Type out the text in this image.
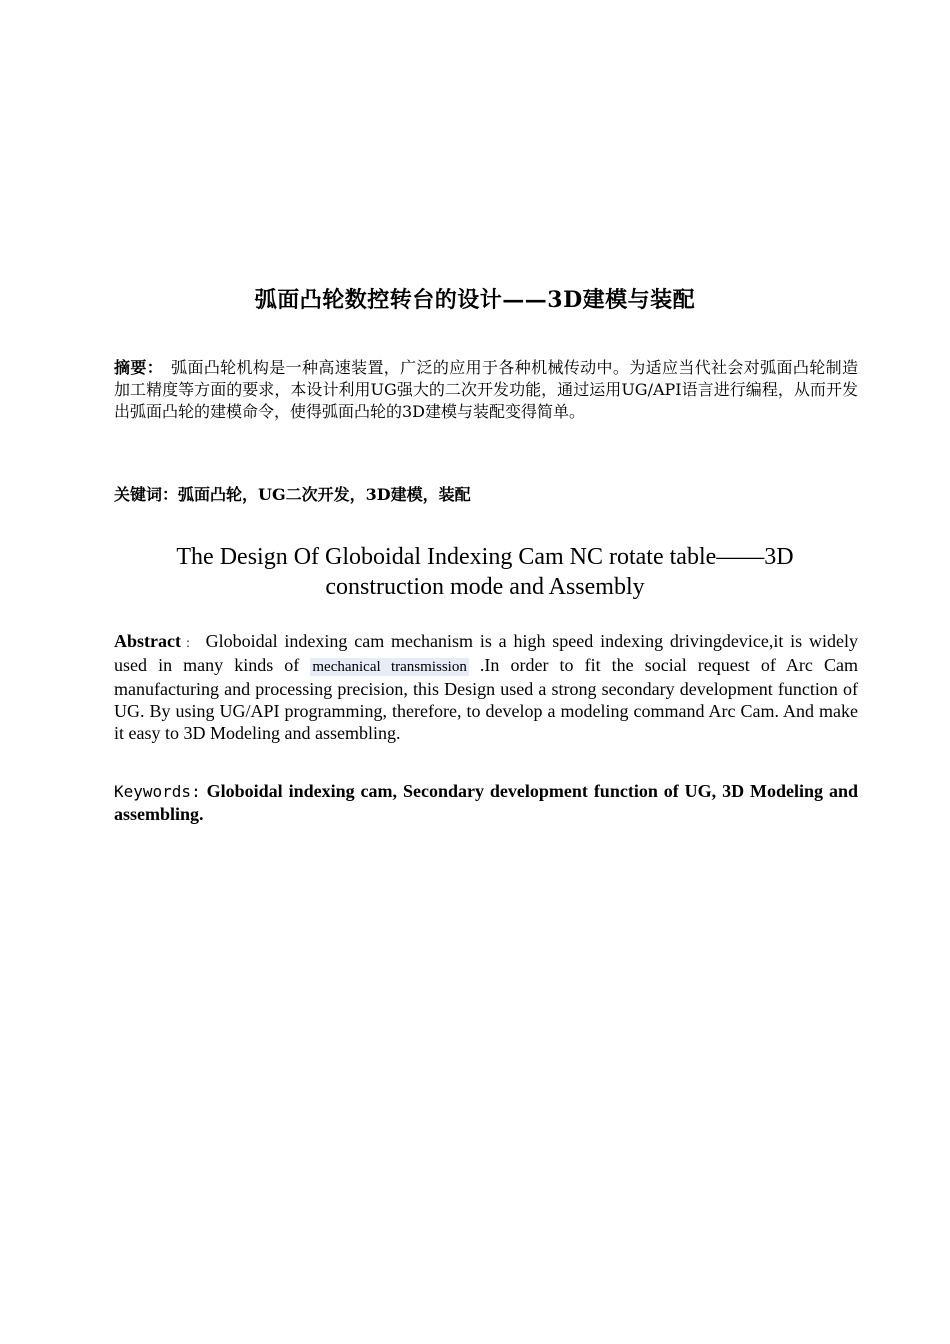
弧面凸轮数控转台的设计——3D建模与装配
摘要： 弧面凸轮机构是一种高速装置，广泛的应用于各种机械传动中。为适应当代社会对弧面凸轮制造加工精度等方面的要求，本设计利用UG强大的二次开发功能，通过运用UG/API语言进行编程，从而开发出弧面凸轮的建模命令，使得弧面凸轮的3D建模与装配变得简单。
关键词：弧面凸轮，UG二次开发，3D建模，装配
The Design Of Globoidal Indexing Cam NC rotate table——3D construction mode and Assembly
Abstract ： Globoidal indexing cam mechanism is a high speed indexing drivingdevice,it is widely used in many kinds of mechanical transmission .In order to fit the social request of Arc Cam manufacturing and processing precision, this Design used a strong secondary development function of UG. By using UG/API programming, therefore, to develop a modeling command Arc Cam. And make it easy to 3D Modeling and assembling.
Keywords: Globoidal indexing cam, Secondary development function of UG, 3D Modeling and assembling.
